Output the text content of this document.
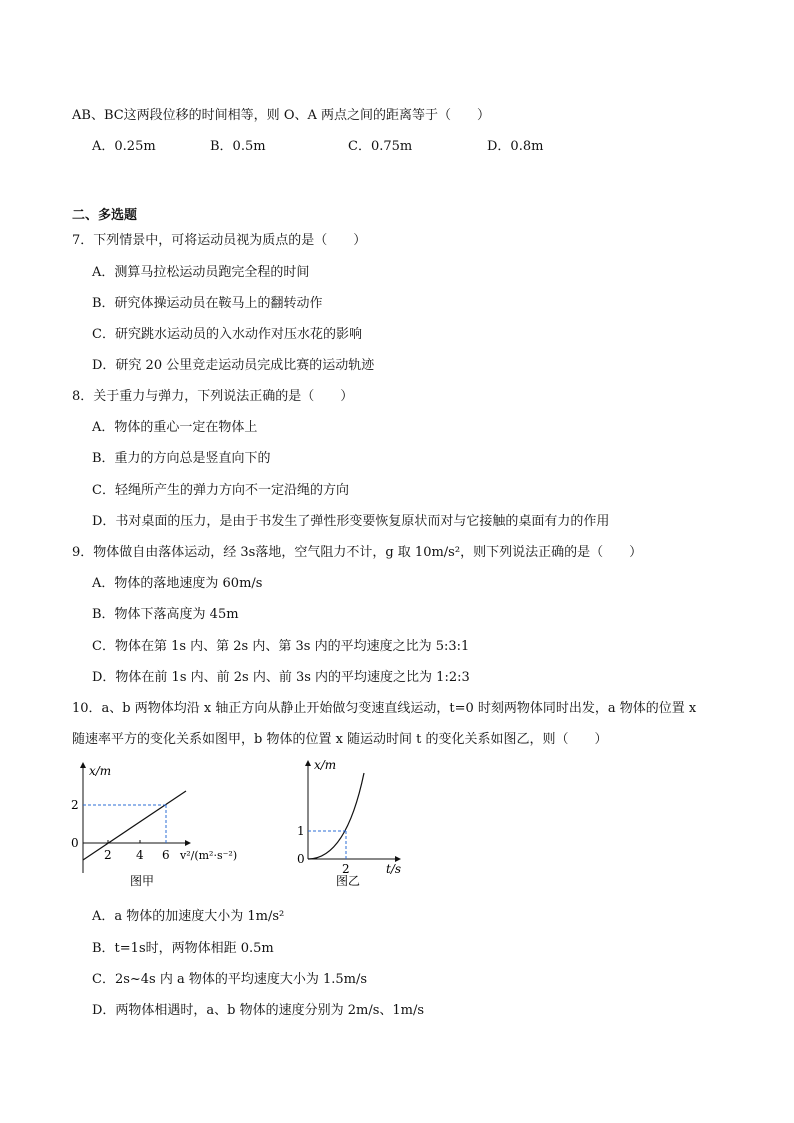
AB、BC这两段位移的时间相等，则 O、A 两点之间的距离等于（　　）
A．0.25m	B．0.5m	C．0.75m	D．0.8m
二、多选题
7．下列情景中，可将运动员视为质点的是（　　）
A．测算马拉松运动员跑完全程的时间
B．研究体操运动员在鞍马上的翻转动作
C．研究跳水运动员的入水动作对压水花的影响
D．研究 20 公里竞走运动员完成比赛的运动轨迹
8．关于重力与弹力，下列说法正确的是（　　）
A．物体的重心一定在物体上
B．重力的方向总是竖直向下的
C．轻绳所产生的弹力方向不一定沿绳的方向
D．书对桌面的压力，是由于书发生了弹性形变要恢复原状而对与它接触的桌面有力的作用
9．物体做自由落体运动，经 3s落地，空气阻力不计，g 取 10m/s²，则下列说法正确的是（　　）
A．物体的落地速度为 60m/s
B．物体下落高度为 45m
C．物体在第 1s 内、第 2s 内、第 3s 内的平均速度之比为 5:3:1
D．物体在前 1s 内、前 2s 内、前 3s 内的平均速度之比为 1:2:3
10．a、b 两物体均沿 x 轴正方向从静止开始做匀变速直线运动，t=0 时刻两物体同时出发，a 物体的位置 x
随速率平方的变化关系如图甲，b 物体的位置 x 随运动时间 t 的变化关系如图乙，则（　　）
x/m
2
0
2 4 6 v²/(m²·s⁻²)
图甲
x/m
1
0
2	t/s
图乙
A．a 物体的加速度大小为 1m/s²
B．t=1s时，两物体相距 0.5m
C．2s~4s 内 a 物体的平均速度大小为 1.5m/s
D．两物体相遇时，a、b 物体的速度分别为 2m/s、1m/s
